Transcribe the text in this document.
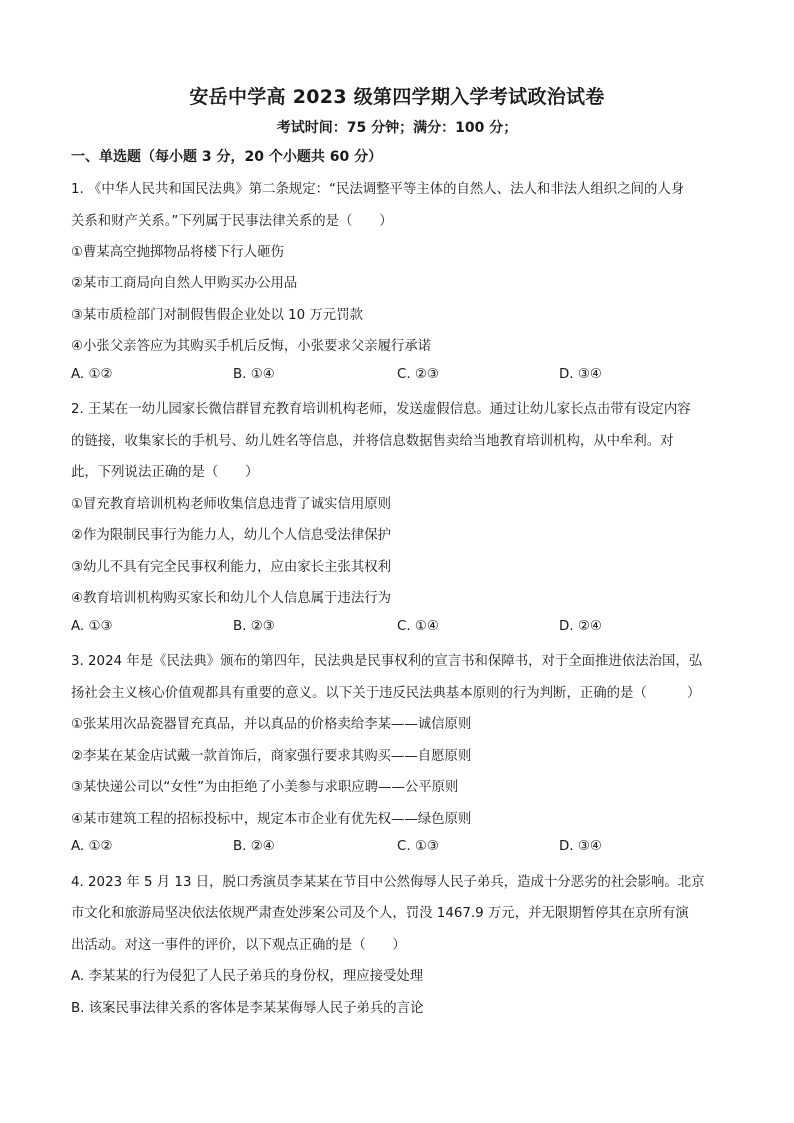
安岳中学高 2023 级第四学期入学考试政治试卷
考试时间：75 分钟；满分：100 分；
一、单选题（每小题 3 分，20 个小题共 60 分）
1. 《中华人民共和国民法典》第二条规定：“民法调整平等主体的自然人、法人和非法人组织之间的人身
关系和财产关系。”下列属于民事法律关系的是（　　）
①曹某高空抛掷物品将楼下行人砸伤
②某市工商局向自然人甲购买办公用品
③某市质检部门对制假售假企业处以 10 万元罚款
④小张父亲答应为其购买手机后反悔，小张要求父亲履行承诺
A. ①②	B. ①④	C. ②③	D. ③④
2. 王某在一幼儿园家长微信群冒充教育培训机构老师，发送虚假信息。通过让幼儿家长点击带有设定内容
的链接，收集家长的手机号、幼儿姓名等信息，并将信息数据售卖给当地教育培训机构，从中牟利。对
此，下列说法正确的是（　　）
①冒充教育培训机构老师收集信息违背了诚实信用原则
②作为限制民事行为能力人，幼儿个人信息受法律保护
③幼儿不具有完全民事权利能力，应由家长主张其权利
④教育培训机构购买家长和幼儿个人信息属于违法行为
A. ①③	B. ②③	C. ①④	D. ②④
3. 2024 年是《民法典》颁布的第四年，民法典是民事权利的宣言书和保障书，对于全面推进依法治国，弘
扬社会主义核心价值观都具有重要的意义。以下关于违反民法典基本原则的行为判断，正确的是（　　　）
①张某用次品瓷器冒充真品，并以真品的价格卖给李某——诚信原则
②李某在某金店试戴一款首饰后，商家强行要求其购买——自愿原则
③某快递公司以“女性”为由拒绝了小美参与求职应聘——公平原则
④某市建筑工程的招标投标中，规定本市企业有优先权——绿色原则
A. ①②	B. ②④	C. ①③	D. ③④
4. 2023 年 5 月 13 日，脱口秀演员李某某在节目中公然侮辱人民子弟兵，造成十分恶劣的社会影响。北京
市文化和旅游局坚决依法依规严肃查处涉案公司及个人，罚没 1467.9 万元，并无限期暂停其在京所有演
出活动。对这一事件的评价，以下观点正确的是（　　）
A. 李某某的行为侵犯了人民子弟兵的身份权，理应接受处理
B. 该案民事法律关系的客体是李某某侮辱人民子弟兵的言论
